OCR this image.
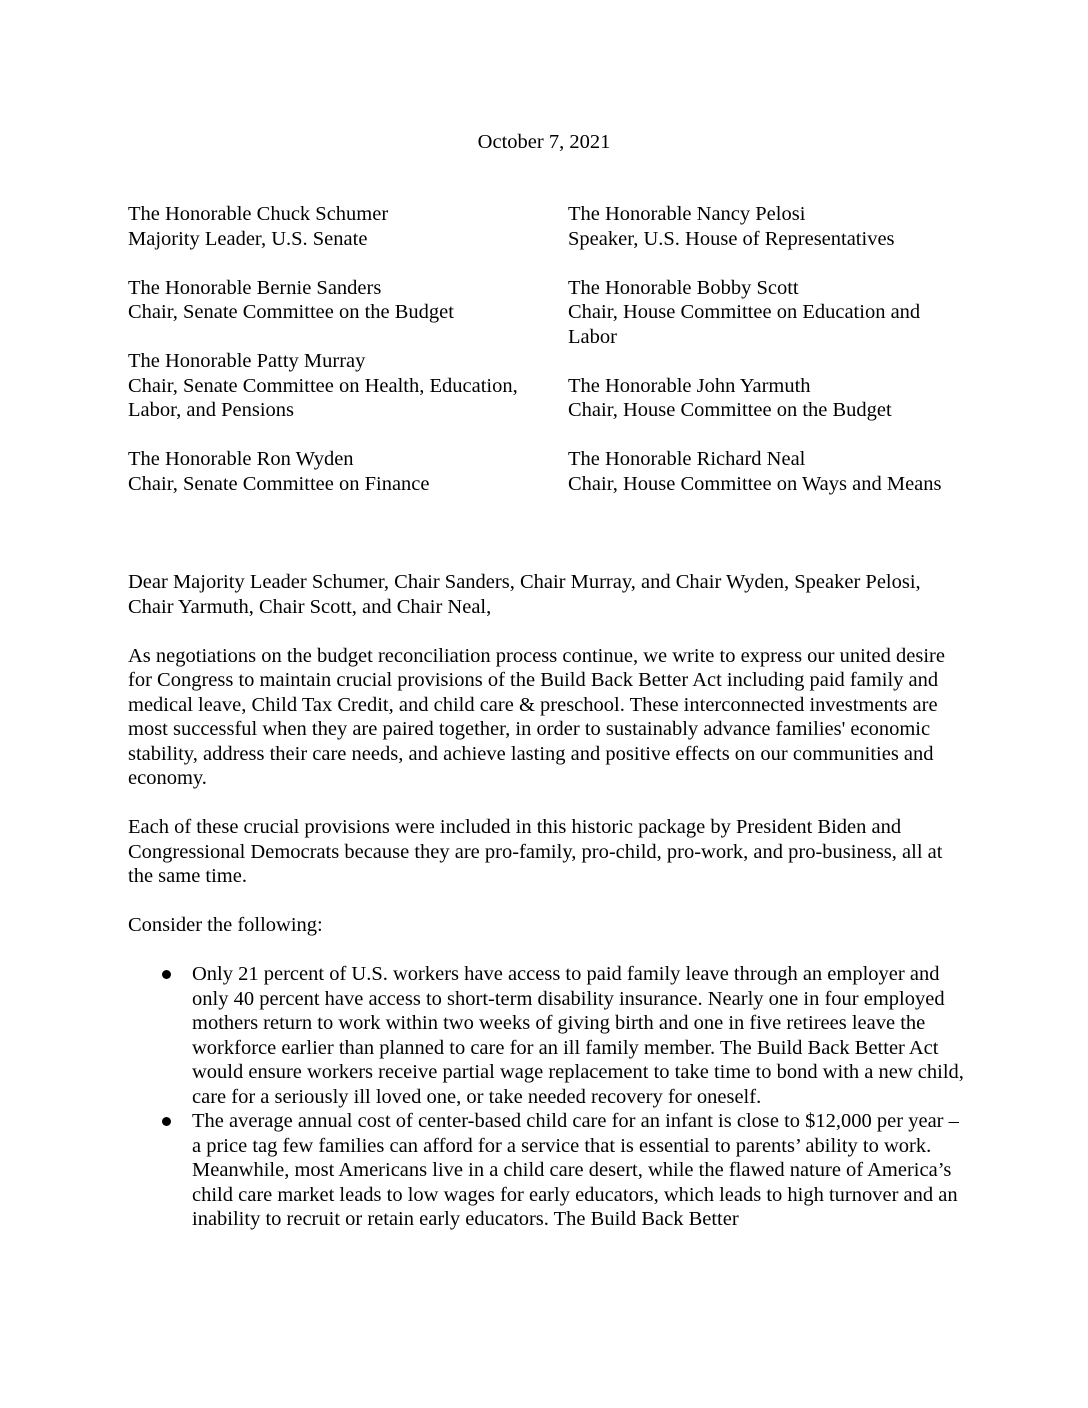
October 7, 2021
The Honorable Chuck Schumer
Majority Leader, U.S. Senate
The Honorable Bernie Sanders
Chair, Senate Committee on the Budget
The Honorable Patty Murray
Chair, Senate Committee on Health, Education,
Labor, and Pensions
The Honorable Ron Wyden
Chair, Senate Committee on Finance
The Honorable Nancy Pelosi
Speaker, U.S. House of Representatives
The Honorable Bobby Scott
Chair, House Committee on Education and
Labor
The Honorable John Yarmuth
Chair, House Committee on the Budget
The Honorable Richard Neal
Chair, House Committee on Ways and Means

Dear Majority Leader Schumer, Chair Sanders, Chair Murray, and Chair Wyden, Speaker Pelosi, Chair Yarmuth, Chair Scott, and Chair Neal,

As negotiations on the budget reconciliation process continue, we write to express our united desire for Congress to maintain crucial provisions of the Build Back Better Act including paid family and medical leave, Child Tax Credit, and child care & preschool. These interconnected investments are most successful when they are paired together, in order to sustainably advance families' economic stability, address their care needs, and achieve lasting and positive effects on our communities and economy.

Each of these crucial provisions were included in this historic package by President Biden and Congressional Democrats because they are pro-family, pro-child, pro-work, and pro-business, all at the same time.

Consider the following:

Only 21 percent of U.S. workers have access to paid family leave through an employer and only 40 percent have access to short-term disability insurance. Nearly one in four employed mothers return to work within two weeks of giving birth and one in five retirees leave the workforce earlier than planned to care for an ill family member. The Build Back Better Act would ensure workers receive partial wage replacement to take time to bond with a new child, care for a seriously ill loved one, or take needed recovery for oneself.
The average annual cost of center-based child care for an infant is close to $12,000 per year – a price tag few families can afford for a service that is essential to parents’ ability to work. Meanwhile, most Americans live in a child care desert, while the flawed nature of America’s child care market leads to low wages for early educators, which leads to high turnover and an inability to recruit or retain early educators. The Build Back Better
